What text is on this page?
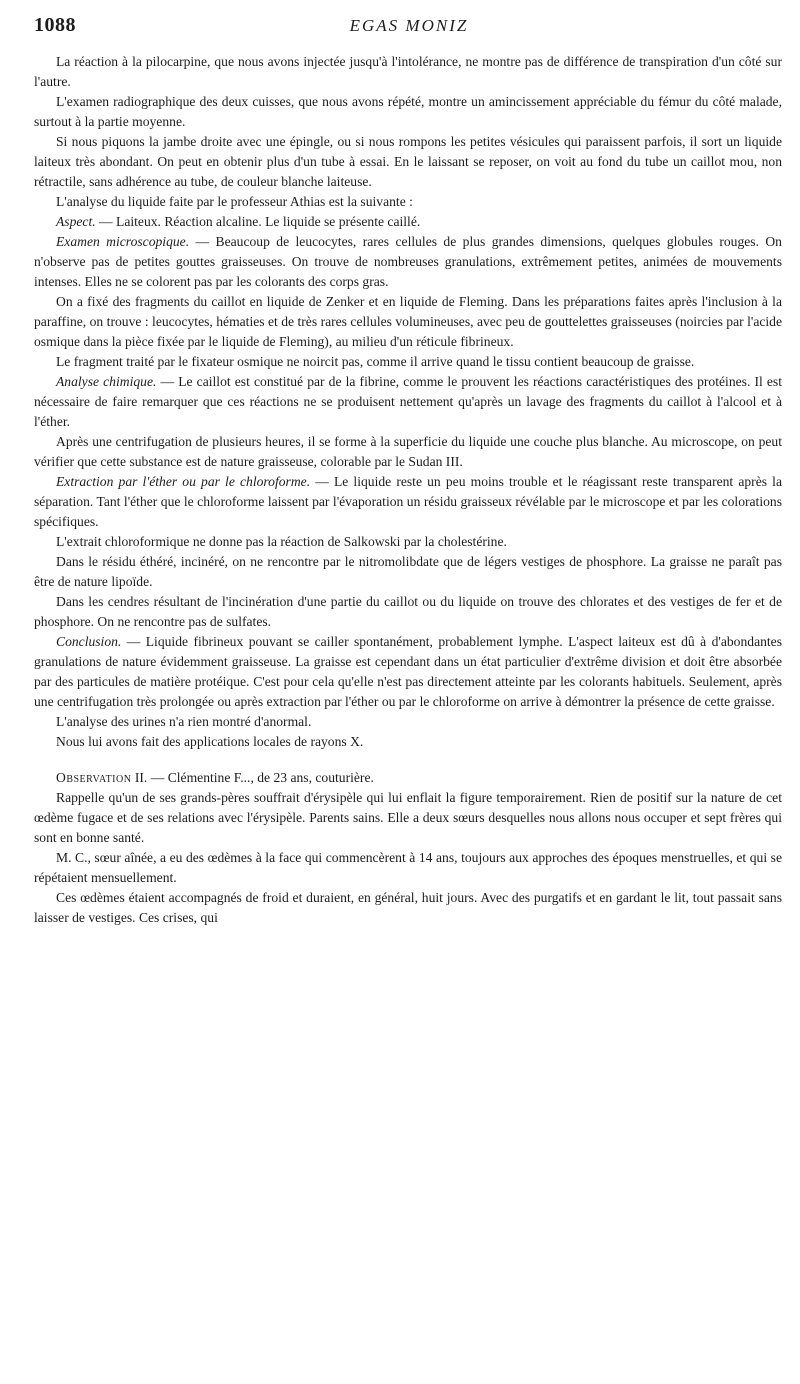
1088	EGAS MONIZ

La réaction à la pilocarpine, que nous avons injectée jusqu'à l'intolérance, ne montre pas de différence de transpiration d'un côté sur l'autre.

L'examen radiographique des deux cuisses, que nous avons répété, montre un amincissement appréciable du fémur du côté malade, surtout à la partie moyenne.

Si nous piquons la jambe droite avec une épingle, ou si nous rompons les petites vésicules qui paraissent parfois, il sort un liquide laiteux très abondant. On peut en obtenir plus d'un tube à essai. En le laissant se reposer, on voit au fond du tube un caillot mou, non rétractile, sans adhérence au tube, de couleur blanche laiteuse.

L'analyse du liquide faite par le professeur Athias est la suivante :

Aspect. — Laiteux. Réaction alcaline. Le liquide se présente caillé.

Examen microscopique. — Beaucoup de leucocytes, rares cellules de plus grandes dimensions, quelques globules rouges. On n'observe pas de petites gouttes graisseuses. On trouve de nombreuses granulations, extrêmement petites, animées de mouvements intenses. Elles ne se colorent pas par les colorants des corps gras.

On a fixé des fragments du caillot en liquide de Zenker et en liquide de Fleming. Dans les préparations faites après l'inclusion à la paraffine, on trouve : leucocytes, hématies et de très rares cellules volumineuses, avec peu de gouttelettes graisseuses (noircies par l'acide osmique dans la pièce fixée par le liquide de Fleming), au milieu d'un réticule fibrineux.

Le fragment traité par le fixateur osmique ne noircit pas, comme il arrive quand le tissu contient beaucoup de graisse.

Analyse chimique. — Le caillot est constitué par de la fibrine, comme le prouvent les réactions caractéristiques des protéines. Il est nécessaire de faire remarquer que ces réactions ne se produisent nettement qu'après un lavage des fragments du caillot à l'alcool et à l'éther.

Après une centrifugation de plusieurs heures, il se forme à la superficie du liquide une couche plus blanche. Au microscope, on peut vérifier que cette substance est de nature graisseuse, colorable par le Sudan III.

Extraction par l'éther ou par le chloroforme. — Le liquide reste un peu moins trouble et le réagissant reste transparent après la séparation. Tant l'éther que le chloroforme laissent par l'évaporation un résidu graisseux révélable par le microscope et par les colorations spécifiques.

L'extrait chloroformique ne donne pas la réaction de Salkowski par la cholestérine.

Dans le résidu éthéré, incinéré, on ne rencontre par le nitromolibdate que de légers vestiges de phosphore. La graisse ne paraît pas être de nature lipoïde.

Dans les cendres résultant de l'incinération d'une partie du caillot ou du liquide on trouve des chlorates et des vestiges de fer et de phosphore. On ne rencontre pas de sulfates.

Conclusion. — Liquide fibrineux pouvant se cailler spontanément, probablement lymphe. L'aspect laiteux est dû à d'abondantes granulations de nature évidemment graisseuse. La graisse est cependant dans un état particulier d'extrême division et doit être absorbée par des particules de matière protéique. C'est pour cela qu'elle n'est pas directement atteinte par les colorants habituels. Seulement, après une centrifugation très prolongée ou après extraction par l'éther ou par le chloroforme on arrive à démontrer la présence de cette graisse.

L'analyse des urines n'a rien montré d'anormal.

Nous lui avons fait des applications locales de rayons X.

Observation II. — Clémentine F..., de 23 ans, couturière.

Rappelle qu'un de ses grands-pères souffrait d'érysipèle qui lui enflait la figure temporairement. Rien de positif sur la nature de cet œdème fugace et de ses relations avec l'érysipèle. Parents sains. Elle a deux sœurs desquelles nous allons nous occuper et sept frères qui sont en bonne santé.

M. C., sœur aînée, a eu des œdèmes à la face qui commencèrent à 14 ans, toujours aux approches des époques menstruelles, et qui se répétaient mensuellement.

Ces œdèmes étaient accompagnés de froid et duraient, en général, huit jours. Avec des purgatifs et en gardant le lit, tout passait sans laisser de vestiges. Ces crises, qui
